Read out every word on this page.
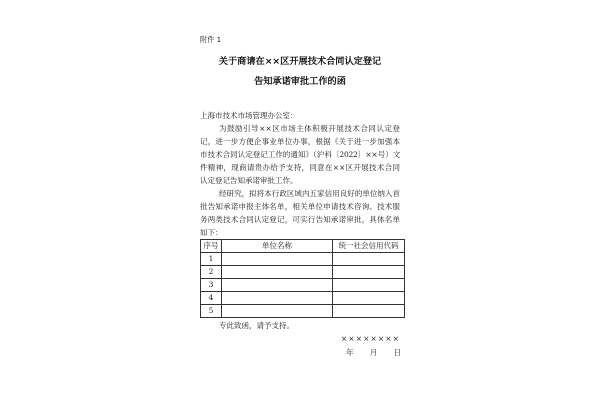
附件 1
关于商请在××区开展技术合同认定登记
告知承诺审批工作的函
上海市技术市场管理办公室：
为鼓励引导××区市场主体积极开展技术合同认定登
记，进一步方便企事业单位办事，根据《关于进一步加强本
市技术合同认定登记工作的通知》（沪科〔2022〕××号）文
件精神，现商请贵办给予支持，同意在××区开展技术合同
认定登记告知承诺审批工作。
经研究，拟将本行政区域内五家信用良好的单位纳入首
批告知承诺申报主体名单，相关单位申请技术咨询、技术服
务两类技术合同认定登记，可实行告知承诺审批，具体名单
如下：
序号	单位名称	统一社会信用代码
1		
2		
3		
4		
5		
专此致函，请予支持。
××××××××
年 月 日
